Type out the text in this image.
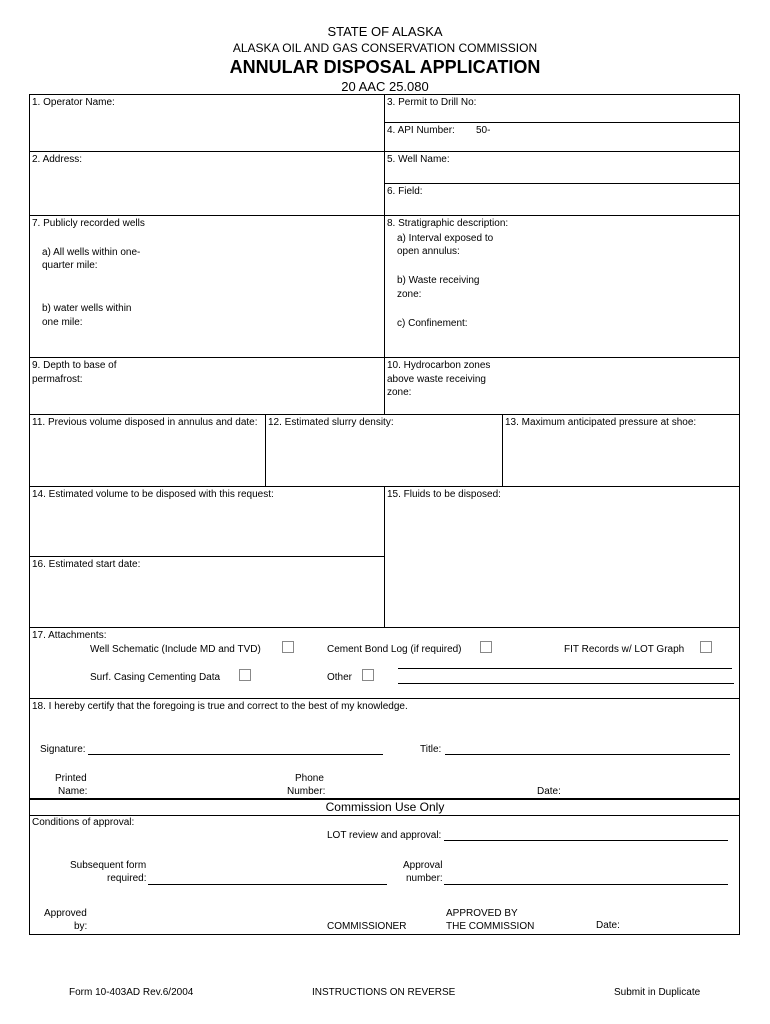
STATE OF ALASKA
ALASKA OIL AND GAS CONSERVATION COMMISSION
ANNULAR DISPOSAL APPLICATION
20 AAC 25.080
1. Operator Name:	3. Permit to Drill No:
4. API Number: 50-
2. Address:	5. Well Name:
6. Field:
7. Publicly recorded wells
a) All wells within one-
quarter mile:
b) water wells within
one mile:
8. Stratigraphic description:
a) Interval exposed to
open annulus:
b) Waste receiving
zone:
c) Confinement:
9. Depth to base of
permafrost:
10. Hydrocarbon zones
above waste receiving
zone:
11. Previous volume disposed in annulus and date: 12. Estimated slurry density:	13. Maximum anticipated pressure at shoe:
14. Estimated volume to be disposed with this request:	15. Fluids to be disposed:
16. Estimated start date:
17. Attachments:
Well Schematic (Include MD and TVD)	Cement Bond Log (if required)	FIT Records w/ LOT Graph
Surf. Casing Cementing Data	Other
18. I hereby certify that the foregoing is true and correct to the best of my knowledge.
Signature:	Title:
Printed
Name:
Phone
Number:	Date:
Commission Use Only
Conditions of approval:
LOT review and approval:
Subsequent form
required:
Approval
number:
Approved
by:	COMMISSIONER
APPROVED BY
THE COMMISSION	Date:
Form 10-403AD Rev.6/2004	INSTRUCTIONS ON REVERSE	Submit in Duplicate
